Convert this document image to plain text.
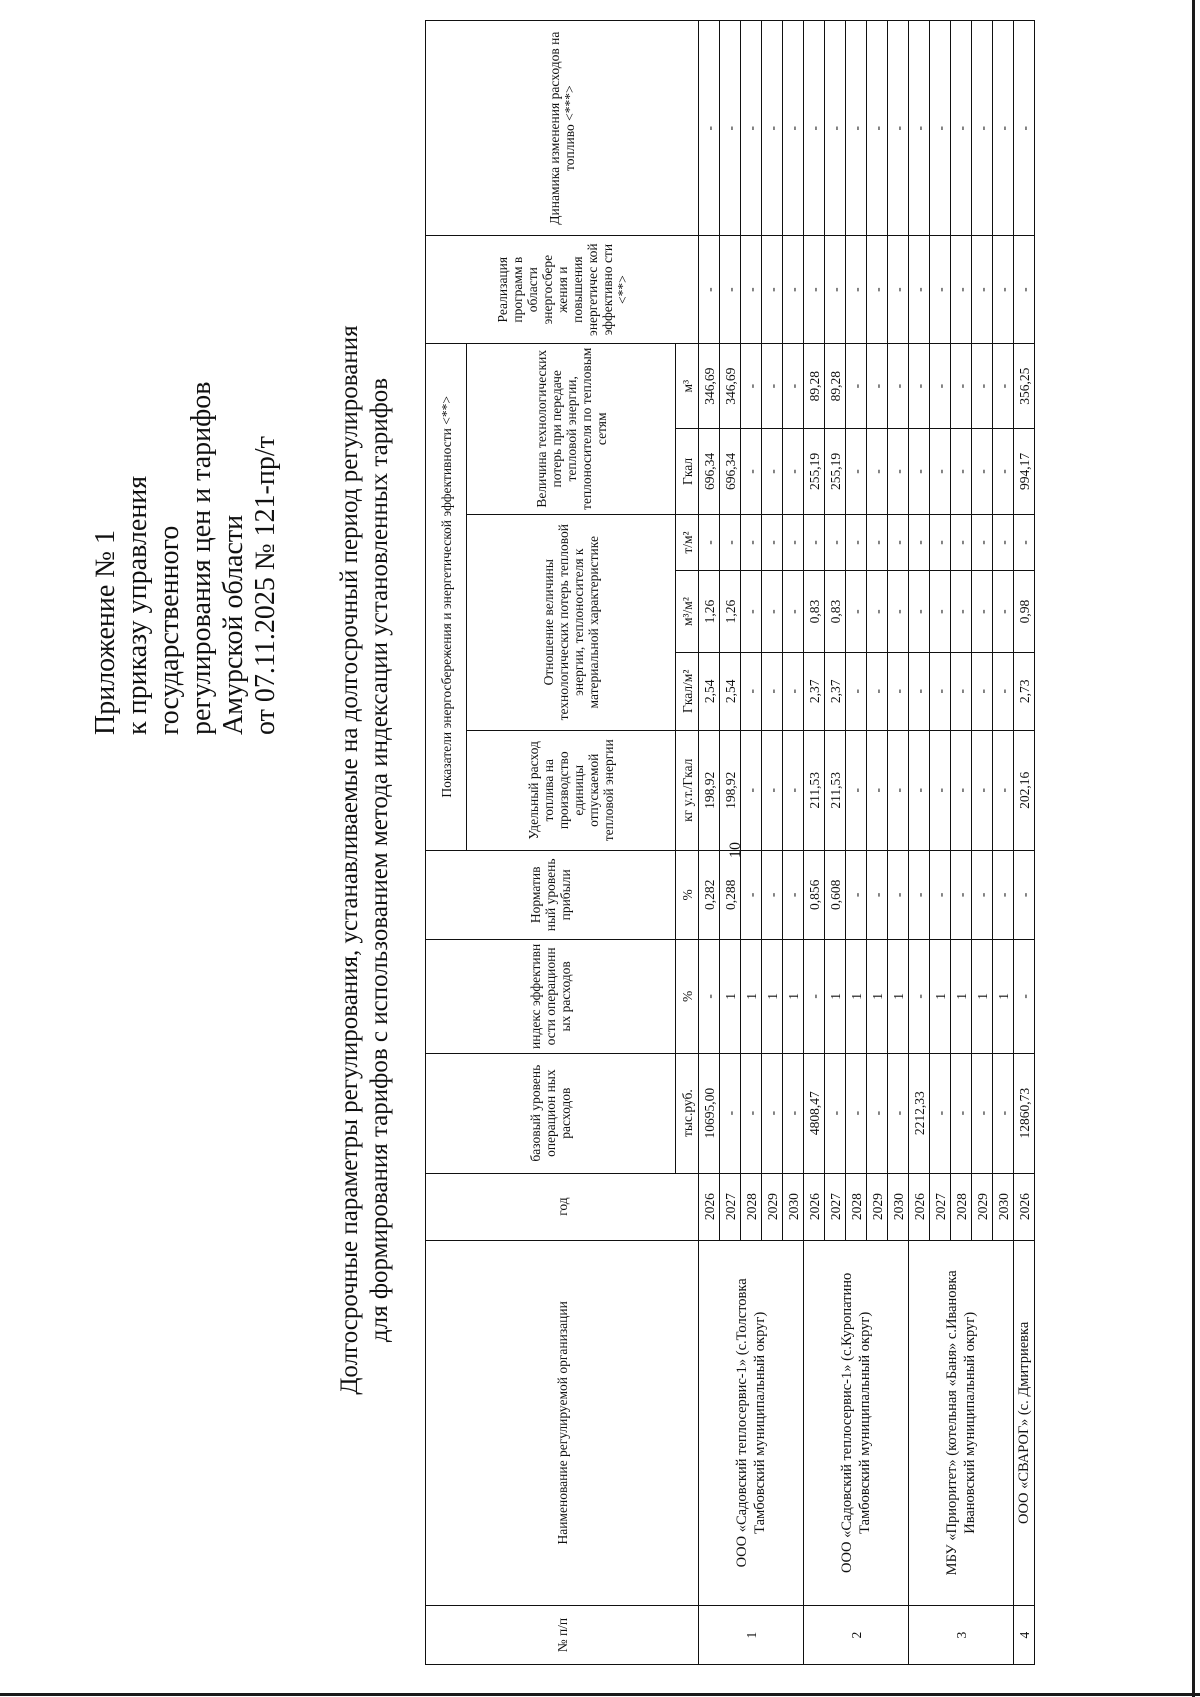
10
Приложение № 1 к приказу управления государственного регулирования цен и тарифов Амурской области от 07.11.2025 № 121-пр/т Долгосрочные параметры регулирования, устанавливаемые на долгосрочный период регулирования для формирования тарифов с использованием метода индексации установленных тарифов
№ п/п	Наименование регулируемой организации	год	базовый уровень операцион ных расходов	индекс эффективн ости операционн ых расходов	Норматив ный уровень прибыли	Показатели энергосбережения и энергетической эффективности <**>						Реализация программ в области энергосбере жения и повышения энергетичес кой эффективно сти <**>	Динамика изменения расходов на топливо <***>
						Удельный расход топлива на производство единицы отпускаемой тепловой энергии	Отношение величины технологических потерь тепловой энергии, теплоносителя к материальной характеристике			Величина технологических потерь при передаче тепловой энергии, теплоносителя по тепловым сетям			
			тыс.руб.	%	%	кг у.т./Гкал	Гкал/м²	м³/м²	т/м²	Гкал	м³		
1	ООО «Садовский теплосервис-1» (с.Толстовка Тамбовский муниципальный округ)	2026	10695,00	-	0,282	198,92	2,54	1,26	-	696,34	346,69	-	-
		2027	-	1	0,288	198,92	2,54	1,26	-	696,34	346,69	-	-
		2028	-	1	-	-	-	-	-	-	-	-	-
		2029	-	1	-	-	-	-	-	-	-	-	-
		2030	-	1	-	-	-	-	-	-	-	-	-
2	ООО «Садовский теплосервис-1» (с.Куропатино Тамбовский муниципальный округ)	2026	4808,47	-	0,856	211,53	2,37	0,83	-	255,19	89,28	-	-
		2027	-	1	0,608	211,53	2,37	0,83	-	255,19	89,28	-	-
		2028	-	1	-	-	-	-	-	-	-	-	-
		2029	-	1	-	-	-	-	-	-	-	-	-
		2030	-	1	-	-	-	-	-	-	-	-	-
3	МБУ «Приоритет» (котельная «Баня» с.Ивановка Ивановский муниципальный округ)	2026	2212,33	-	-	-	-	-	-	-	-	-	-
		2027	-	1	-	-	-	-	-	-	-	-	-
		2028	-	1	-	-	-	-	-	-	-	-	-
		2029	-	1	-	-	-	-	-	-	-	-	-
		2030	-	1	-	-	-	-	-	-	-	-	-
4	ООО «СВАРОГ» (с. Дмитриевка	2026	12860,73	-	-	202,16	2,73	0,98	-	994,17	356,25	-	-
